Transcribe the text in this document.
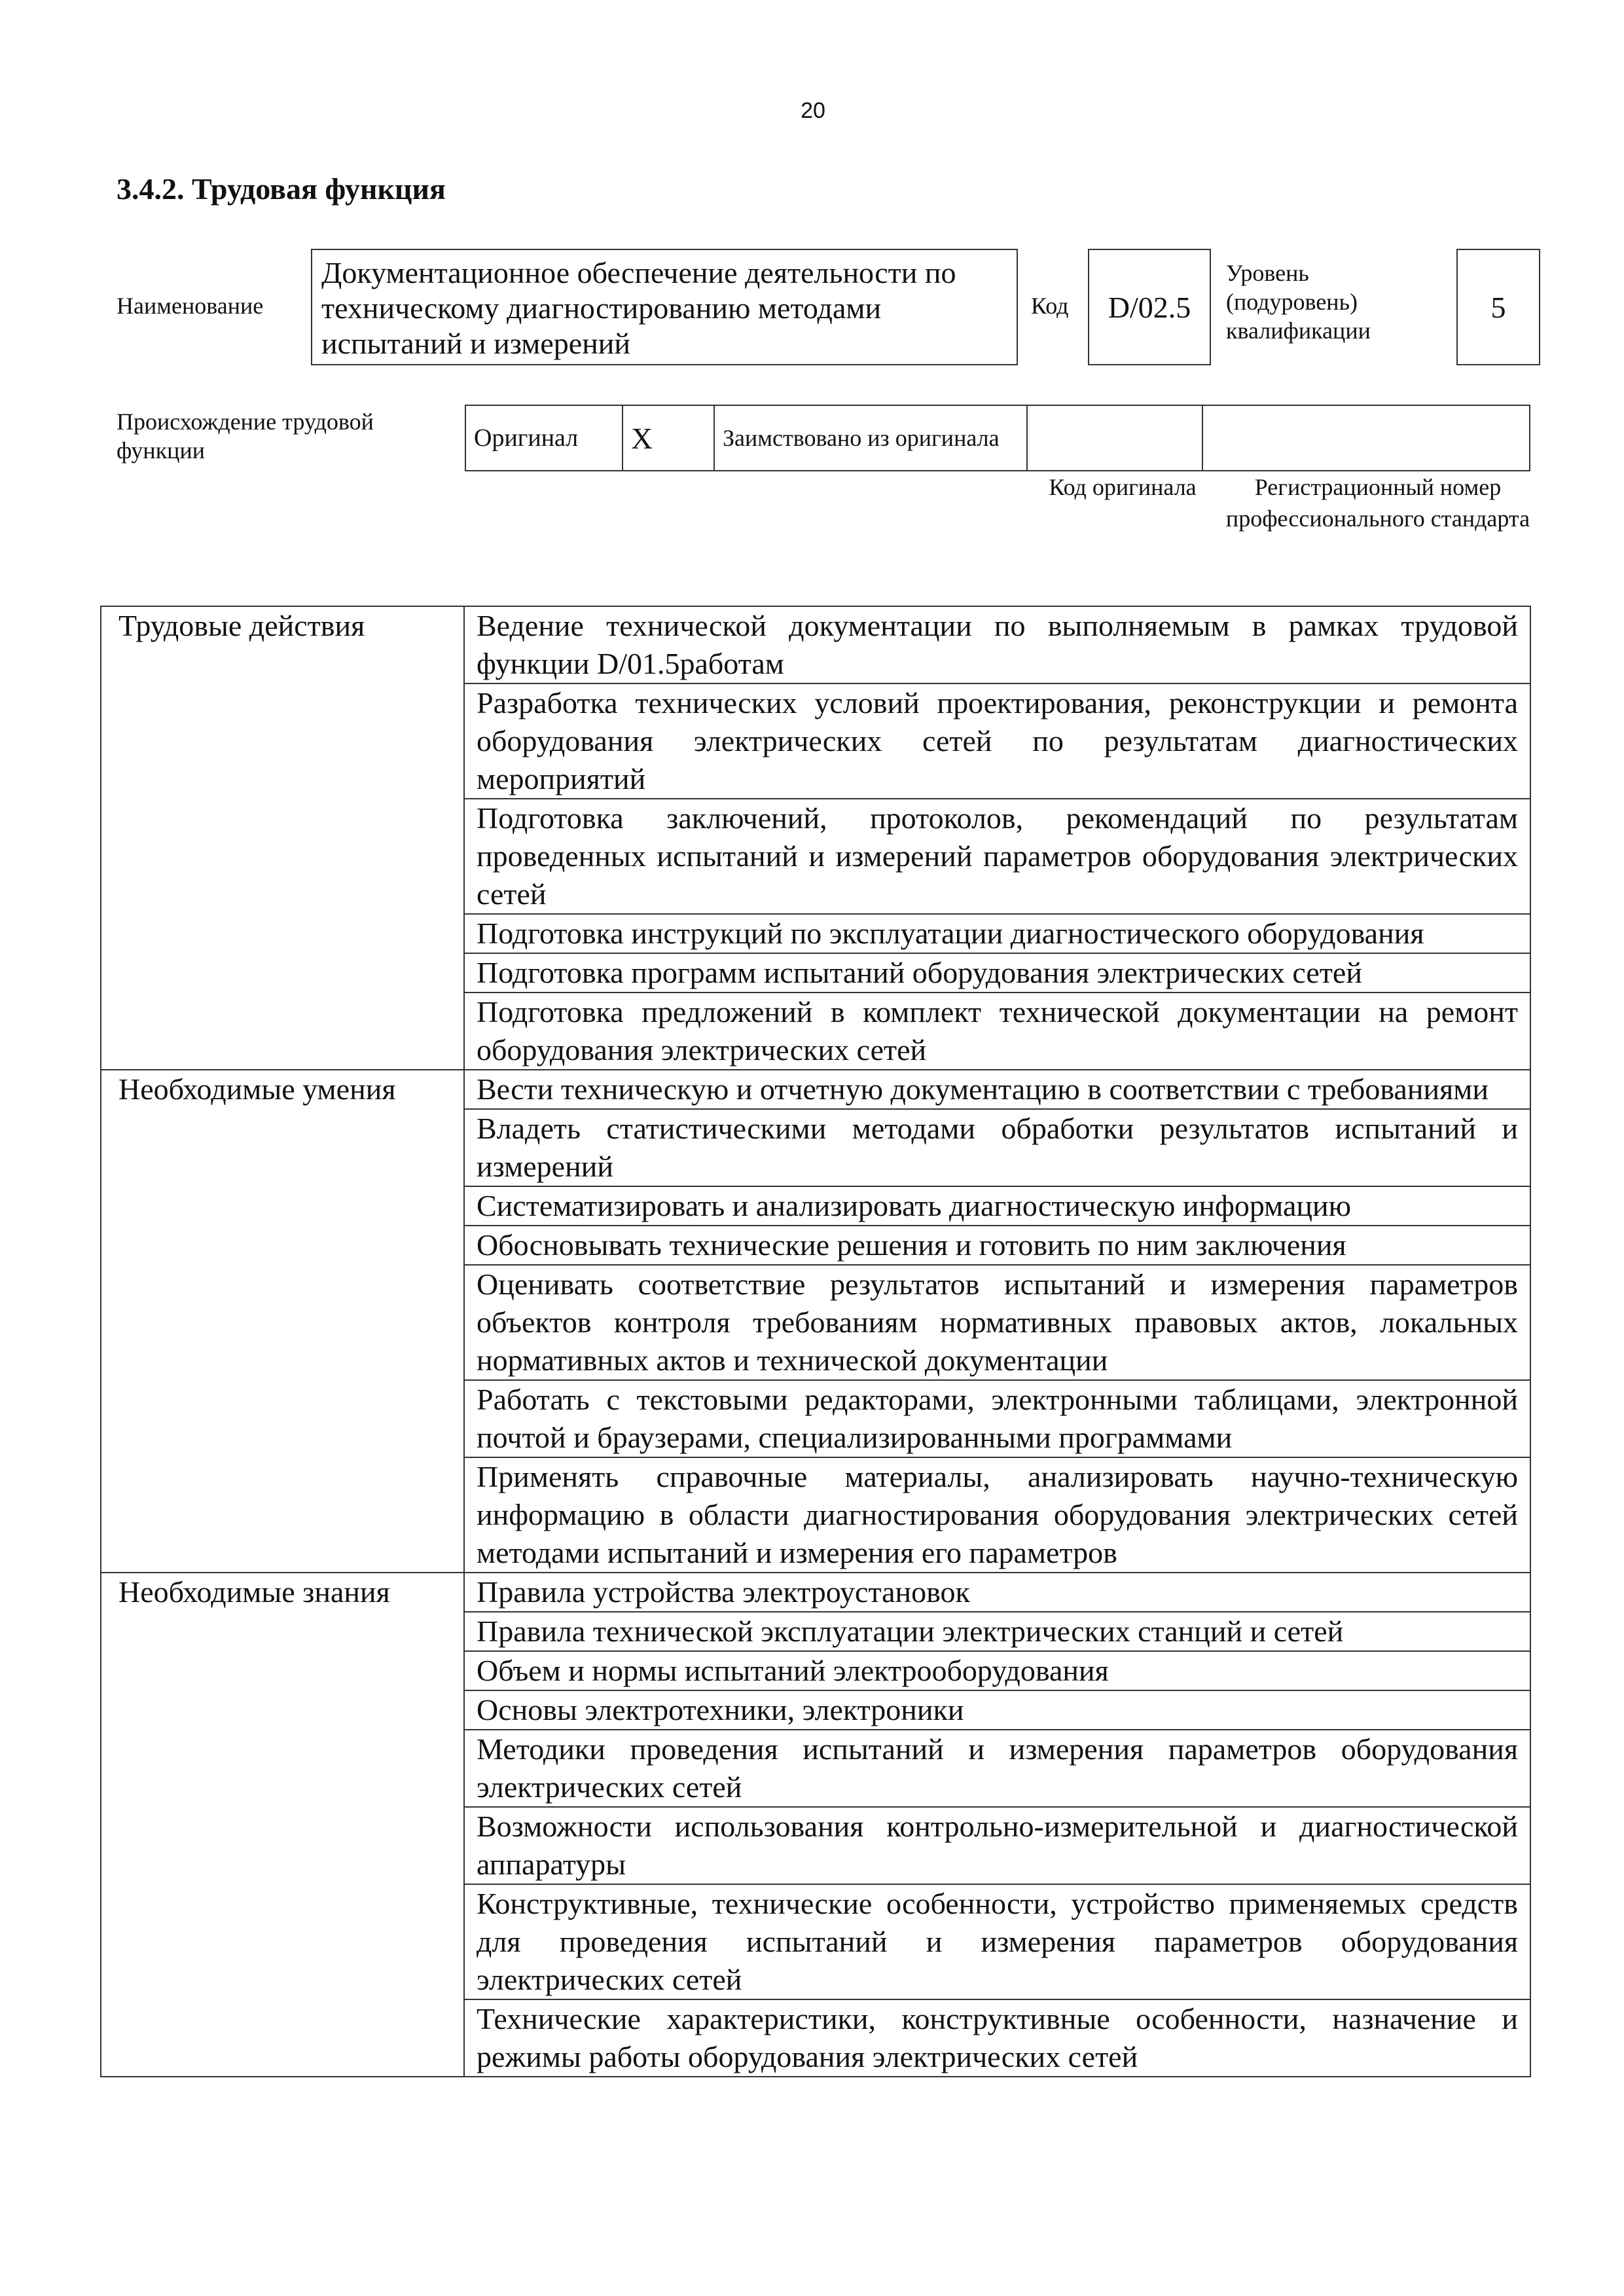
20
3.4.2. Трудовая функция
Наименование
Документационное обеспечение деятельности по техническому диагностированию методами испытаний и измерений
Код	D/02.5
Уровень (подуровень) квалификации
5
Происхождение трудовой функции	Оригинал	X	Заимствовано из оригинала		
Код оригинала	Регистрационный номер профессионального стандарта
Трудовые действия	Ведение технической документации по выполняемым в рамках трудовой функции D/01.5работам
	Разработка технических условий проектирования, реконструкции и ремонта оборудования электрических сетей по результатам диагностических мероприятий
	Подготовка заключений, протоколов, рекомендаций по результатам проведенных испытаний и измерений параметров оборудования электрических сетей
	Подготовка инструкций по эксплуатации диагностического оборудования
	Подготовка программ испытаний оборудования электрических сетей
	Подготовка предложений в комплект технической документации на ремонт оборудования электрических сетей
Необходимые умения	Вести техническую и отчетную документацию в соответствии с требованиями
	Владеть статистическими методами обработки результатов испытаний и измерений
	Систематизировать и анализировать диагностическую информацию
	Обосновывать технические решения и готовить по ним заключения
	Оценивать соответствие результатов испытаний и измерения параметров объектов контроля требованиям нормативных правовых актов, локальных нормативных актов и технической документации
	Работать с текстовыми редакторами, электронными таблицами, электронной почтой и браузерами, специализированными программами
	Применять справочные материалы, анализировать научно-техническую информацию в области диагностирования оборудования электрических сетей методами испытаний и измерения его параметров
Необходимые знания	Правила устройства электроустановок
	Правила технической эксплуатации электрических станций и сетей
	Объем и нормы испытаний электрооборудования
	Основы электротехники, электроники
	Методики проведения испытаний и измерения параметров оборудования электрических сетей
	Возможности использования контрольно-измерительной и диагностической аппаратуры
	Конструктивные, технические особенности, устройство применяемых средств для проведения испытаний и измерения параметров оборудования электрических сетей
	Технические характеристики, конструктивные особенности, назначение и режимы работы оборудования электрических сетей
